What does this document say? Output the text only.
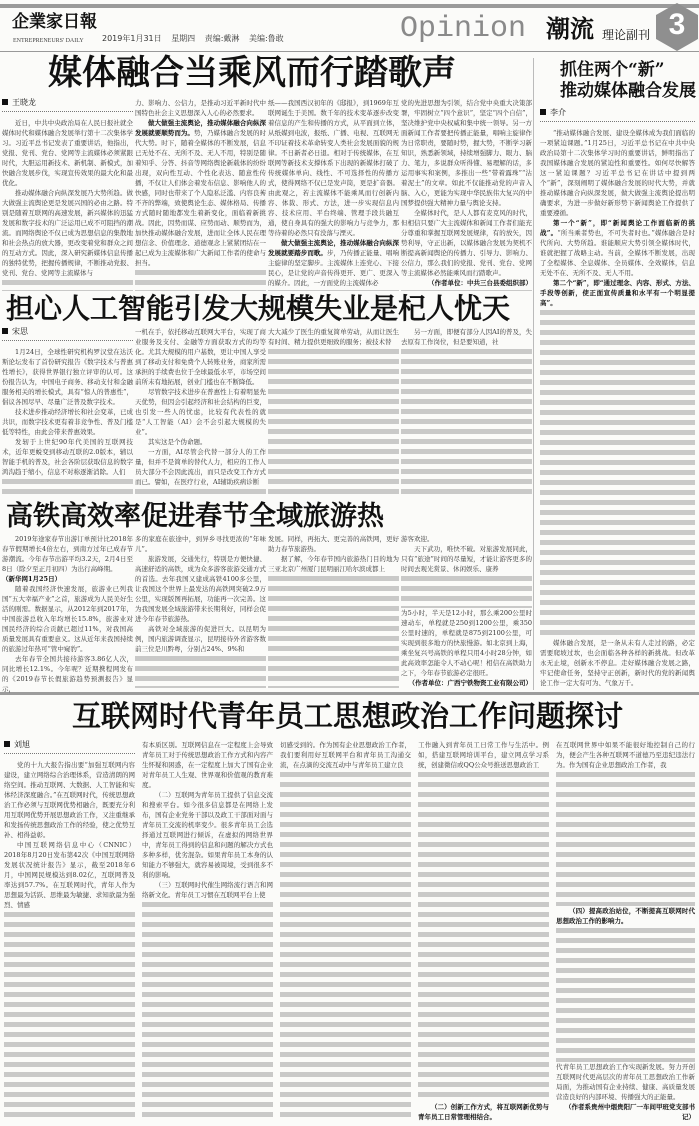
企業家日報
ENTREPRENEURS' DAILY 2019年1月31日 星期四 责编:戴淋 美编:鲁敢	Opinion 潮流 理论副刊 3
媒体融合当乘风而行踏歌声	抓住两个“新”
推动媒体融合发展
担心人工智能引发大规模失业是杞人忧天
高铁高效率促进春节全域旅游热
互联网时代青年员工思想政治工作问题探讨
王晓龙

近日，中共中央政治局在人民日报社就全媒体时代和媒体融合发展举行第十二次集体学习。习近平总书记发表了重要讲话，他指出，党报、党刊、党台、党网等主流媒体必须紧跟时代，大胆运用新技术、新机制、新模式，加快融合发展步伐，实现宣传效果的最大化和最优化。

推动媒体融合向纵深发展乃大势所趋。做大做强主流舆论更是发展兴国的必由之路。特别是随着互联网的高速发展，新兴媒体的迅猛发展和数字技术的广泛运用已成不可阻挡的潮流。而网络舆论不仅已成为思想信息的集散地和社会热点的放大器，更改变着党和群众之间的互动方式。因此，深入研究新媒体信息传播的独特优势，把握传播规律，不断推动党报、党刊、党台、党网等主流媒体与

力、影响力、公信力，是推动习近平新时代中国特色社会主义思想深入人心的必然要求。

做大做强主流舆论，推动媒体融合向纵深发展就要顺势而为。势，乃媒体融合发展的时代大势。时下，随着全媒体的不断发展，信息已无处不在、无所不及、无人不用，特别是随着知乎、分答、抖音等网络舆论新载体的纷纷出现，双向性互动、个性化表达、随意性传播，不仅让人们体会着发布信息、影响他人的快感，同时也带来了个人隐私泛滥、内容良莠不齐的弊端，致使舆论生态、媒体格局、传播方式随时随地都发生着新变化，面临着新挑战。因此，因势而谋、应势而动、顺势而为，加快推动媒体融合发展，进而让全体人民在理想信念、价值理念、道德观念上紧紧团结在一起已成为主流媒体和广大新闻工作者的使命与担当。

纸——我国西汉初年的《邸报》，到1969年互联网诞生于美国。数千年的技术变革逐步改变着信息的产生和传播的方式，从平面到立体，从纸媒到电波，报纸、广播、电视、互联网无不印证着技术革命转变人类社会发展面貌的规律。不日新者必日退。相对于传统媒体，在互联网等新技术支撑体系下出现的新媒体打破了传统媒体单向、线性、不可选择性的传播方式，使得网络不仅已是发声筒，更是扩音器。由此观之，若主流媒体不能乘风而行创新内容、体裁、形式、方法，进一步实现信息内容、技术应用、平台终端、管理手段共融互通，使自身具有的强大的影响力与竞争力，那等待着的必然只有没落与湮灭。

做大做强主流舆论，推动媒体融合向纵深发展就要踏步而歌。步，乃传播正能量、唱响主旋律的坚定脚步。主流媒体上连党心、下接民心，是让党的声音传得更开、更广、更深入的媒介。因此，一方面党的主流媒体必

党的先进思想为引领，结合党中央重大决策部署，牢固树立“四个意识”，坚定“四个自信”，坚决维护党中央权威和集中统一领导。另一方面新闻工作者要把传播正能量，唱响主旋律作为日常职责，要随时势，握大势，不断学习新知识，熟悉新领域，持续增强脚力、眼力、脑力、笔力，多说群众听得懂、易理解的话，多运用事实和案例，多推出一些“带着露珠”“沾着泥土”的文章。如此不仅能推动党的声音入脑、入心，更能为实现中华民族伟大复兴的中国梦提供强大精神力量与舆论支持。

全媒体时代，是人人都有麦克风的时代，但相信只要广大主流媒体和新闻工作者们能充分尊重和掌握互联网发展规律，有的放矢，因势利导，守正出新，以媒体融合发展为契机不断提高新闻舆论的传播力、引导力、影响力、公信力，那么我们的党报、党刊、党台、党网等主流媒体必然能乘风而行踏歌声。

（作者单位：中共三台县委组织部）

李介

“推动媒体融合发展、建设全媒体成为我们面临的一项紧迫课题。”1月25日，习近平总书记在中共中央政治局第十二次集体学习时的重要讲话，鲜明指出了我国媒体融合发展的紧迫性和重要性。如何尽快解答这一紧迫课题？习近平总书记在讲话中提到两个“新”，深刻阐明了媒体融合发展的时代大势，并就推动媒体融合向纵深发展，做大做强主流舆论提出明确要求，为进一步做好新形势下新闻舆论工作提供了重要遵循。

第一个“新”，即“新闻舆论工作面临新的挑战”。“所当乘者势也，不可失者时也。”媒体融合是时代所向、大势所趋。谁能顺应大势引领全媒体时代，谁就把握了战略主动。当前，全媒体不断发展，出现了全程媒体、全息媒体、全员媒体、全效媒体，信息无处不在、无所不及、无人不用。

第二个“新”，即“通过理念、内容、形式、方法、手段等创新，使正面宣传质量和水平有一个明显提高”。

媒体融合发展，是一条从未有人走过的路，必定需要爬坡过坎，也会面临各种各样的新挑战。但改革永无止境，创新永不停息。走好媒体融合发展之路，牢记使命任务，坚持守正创新，新时代的党的新闻舆论工作一定大有可为、气象万千。

宋思

1月24日，全球性研究机构罗汉堂在达沃斯论坛发布了首份研究报告《数字技术与普惠性增长》，获得世界银行独立评审的认可。这份报告认为，中国电子商务、移动支付和金融服务相关的增长模式，具有“惊人的普惠性”，倡议各国尽早、尽量广泛普及数字技术。

技术进步推动经济增长和社会变革，已成共识，而数字技术更有着非竞争性、普及门槛低等特性，由此会带来普惠效果。

发轫于上世纪90年代美国的互联网技术，近年更蜕变到移动互联的2.0版本，辅以智能手机的普及，社会各阶层获取信息的数字鸿沟趋于缩小，信息不对称逐渐消除。人们

一机在手，依托移动互联网大平台，实现了商业服务及支付、金融等方面获取方式的均等化。尤其大规模的用户基数，更让中国人享受到了移动支付和免费个人转账业务，商家所需承担的手续费也位于全球最低水平，市场空间前所未有地拓展，创业门槛也在不断降低。

尽管数字技术进步在普惠性上有着明显先天优势，但因会引起经济和社会结构的巨变，也引发一些人的忧虑，比较有代表性的就是“人工智能（AI）会不会引起大规模的失业”。

其实这是个伪命题。

一方面，AI尽管会代替一部分人的工作量，但并不是简单的替代人力，相应的工作人员大部分不会因此流出，而只是改变工作方式而已。譬如，在医疗行业，AI辅助疾病诊断

大大减少了医生的重复简单劳动，从而让医生有时间、精力提供更细致的服务；被技术替

另一方面，即便有部分人因AI的普及，失去原有工作岗位，但是要知道，社

2019年途家春节出游订单预计比2018年春节假期增长4倍左右，到南方过年已成春节游潮流。今年春节出游平均3.2天，2月4日至8日（除夕至正月初四）为出行高峰期。

（新华网1月25日）

随着我国经济快速发展，旅游业已列我国“五大幸福产业”之首，旅游成为人民美好生活的刚需。数据显示，从2012年到2017年，中国旅游总收入年均增长15.8%，旅游业对国民经济的综合贡献已超过11%，对我国高质量发展具有重要意义。这从近年来我国持续的旅游过年热可“管中窥豹”。

去年春节全国共接待游客3.86亿人次，同比增长12.1%。今年呢？近期携程网发布的《2019春节长假旅游趋势预测报告》显示，

多的家庭在旅途中，到异乡寻找更浓的“年味儿”。

旅游发展，交通先行，特别是方便快捷、高速舒适的高铁，成为众多游客旅游交通方式的首选。去年我国又建成高铁4100多公里，让我国这个世界上最发达的高铁网突破2.9万公里，实现版图再拓展，功能再一次完善。这为我国发展全域旅游带来长期利好，同样会促进今年春节旅游热。

高铁对全域旅游的促进巨大。以昆明为例，国内旅游调查显示，昆明接待外省游客数前三位是川黔粤，分别占24%、9%和

发展。同样，再拓大、更完善的高铁网，更好助力春节旅游热。

据了解，今年春节国内旅游热门目的地为三亚北京广州厦门昆明丽江哈尔滨成都上

游客欢迎。

天下武功，唯快不破。对旅游发展同此，只有“旅途”时间的尽量短，才能让游客更多的时间去观光赏景、休闲娱乐、康养

为5小时，半天是12小时，那么乘200公里时速动车，单程就是250到1200公里，乘350公里时速的，单程就是875到2100公里，可实现到很多地方的快旅慢游。如北京到上海，乘坐复兴号高铁的单程只用4小时28分钟，如此高效率怎能令人不动心呢！相信在高铁助力之下，今年春节旅游必定很旺。

（作者单位：广西宁铁物资工业有限公司）

刘旭

党的十九大报告指出要“加强互联网内容建设，建立网络综合治理体系，营造清朗的网络空间。推动互联网、大数据、人工智能和实体经济深度融合。”在互联网时代，传统思想政治工作必须与互联网优势相融合，既要充分利用互联网优势开展思想政治工作，又注重继承和发扬传统思想政治工作的经验，使之优势互补、相得益彰。

中国互联网络信息中心（CNNIC）2018年8月20日发布第42次《中国互联网络发展状况统计报告》显示，截至2018年6月，中国网民规模达到8.02亿，互联网普及率达到57.7%。在互联网时代，青年人作为思想最为活跃、思维最为敏捷、求知欲最为强烈、情感

有本质区别。互联网信息在一定程度上会导致青年员工对于传统思想政治工作方式和内容产生怀疑和困惑，在一定程度上加大了国有企业对青年员工人生观、世界观和价值观的教育难度。

（二）互联网为青年员工提供了信息交流和搜索平台。如今很多信息都是在网络上发布，国有企业党务干部以及政工干部面对面与青年员工交流的机率变少。很多青年员工会选择通过互联网进行倾诉，在虚拟的网络世界中，青年员工得到的信息和问题的解决方式也多种多样，优劣混杂。如果青年员工本身的认知能力不够强大，就容易被周境，受到很多不利的影响。

（三）互联网时代催生网络流行语言和网络新文化。青年员工习惯在互联网平台上使

切感受到的。作为国有企业思想政治工作者，我们要利用好互联网平台和青年员工沟通交流，在点滴的交流互动中与青年员工建立良

工作融入到青年员工日常工作与生活中。例如，搭建互联网培训平台，建立网点学习系统，创建微信或QQ公众号推送思想政治工

（二）创新工作方式，将互联网新优势与青年员工日常管理相结合。

在互联网世界中如果不能很好地控制自己的行为，便会产生各种互联网不道德乃至违纪违法行为。作为国有企业思想政治工作者，我

（四）提高政治站位，不断提高互联网时代思想政治工作的影响力。

代青年员工思想政治工作实现新发展。努力开创互联网时代更高层次的青年员工思想政治工作新局面，为推动国有企业持续、健康、高质量发展营造良好的内部环境、传播强大的正能量。

（作者系贵州中烟贵阳厂一车间甲班党支部书记）
